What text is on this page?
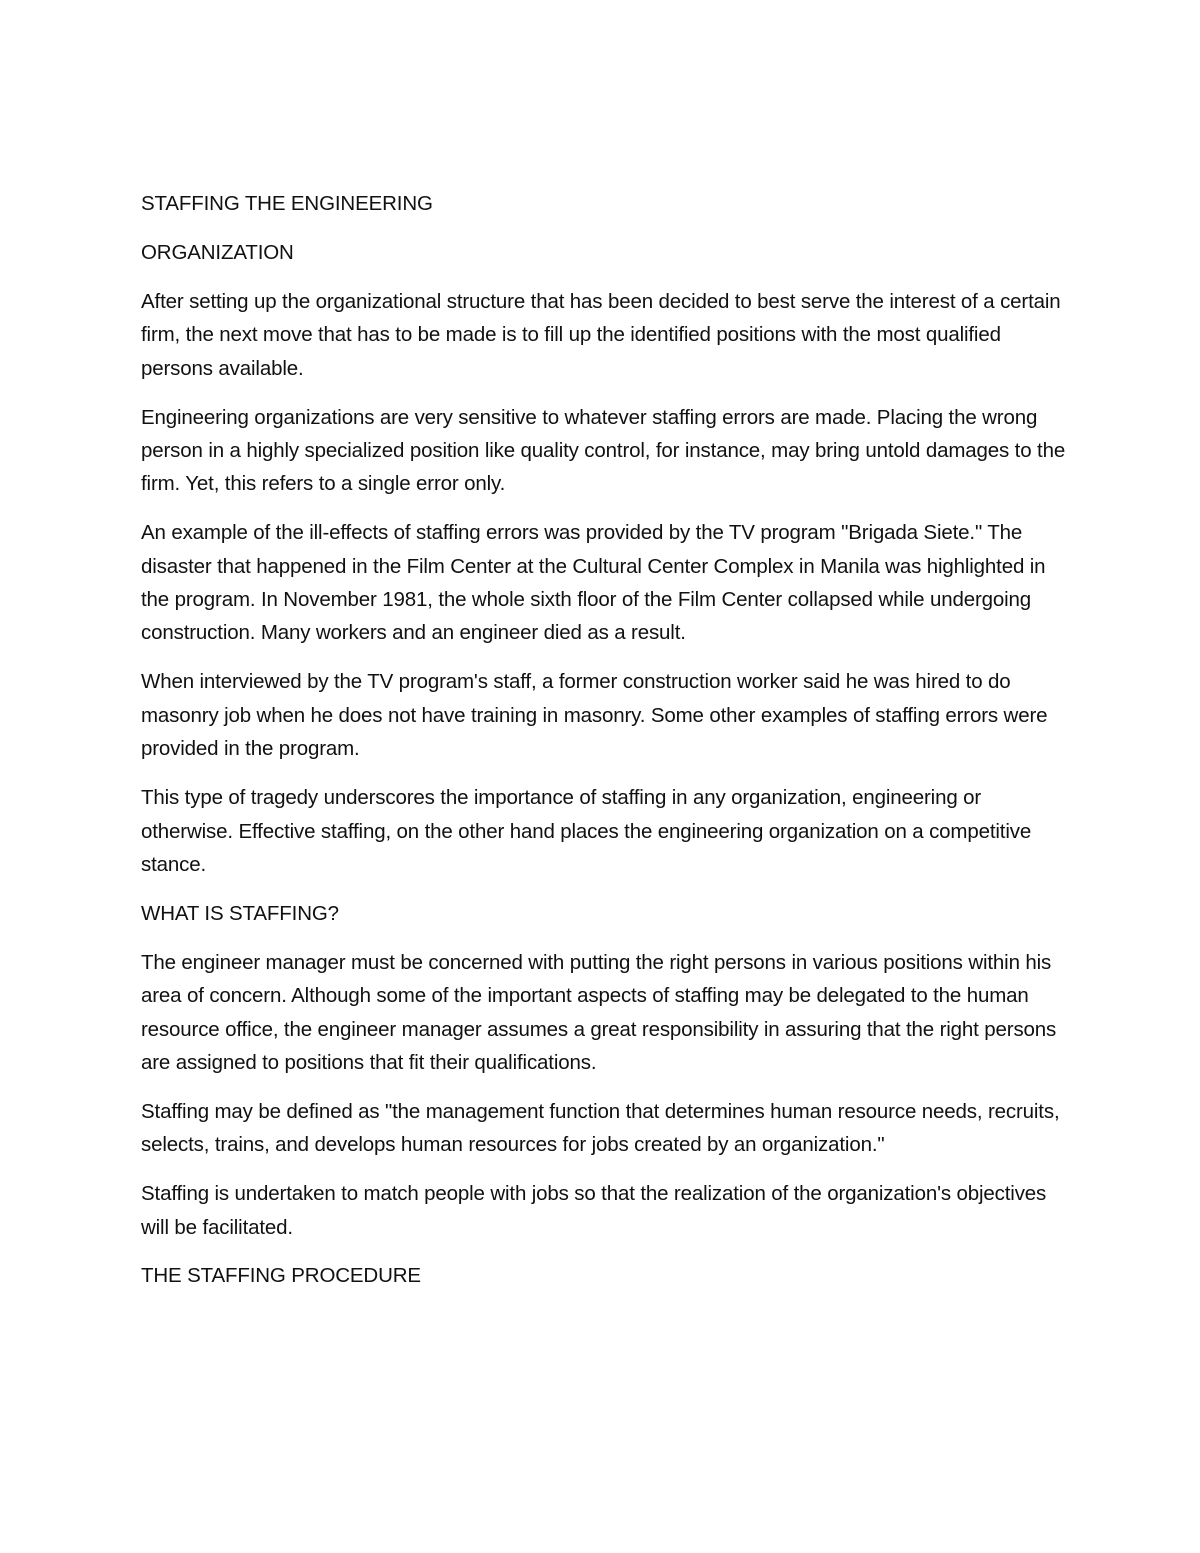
STAFFING THE ENGINEERING

ORGANIZATION

After setting up the organizational structure that has been decided to best serve the interest of a certain firm, the next move that has to be made is to fill up the identified positions with the most qualified persons available.

Engineering organizations are very sensitive to whatever staffing errors are made. Placing the wrong person in a highly specialized position like quality control, for instance, may bring untold damages to the firm. Yet, this refers to a single error only.

An example of the ill-effects of staffing errors was provided by the TV program "Brigada Siete." The disaster that happened in the Film Center at the Cultural Center Complex in Manila was highlighted in the program. In November 1981, the whole sixth floor of the Film Center collapsed while undergoing construction. Many workers and an engineer died as a result.

When interviewed by the TV program's staff, a former construction worker said he was hired to do masonry job when he does not have training in masonry. Some other examples of staffing errors were provided in the program.

This type of tragedy underscores the importance of staffing in any organization, engineering or otherwise. Effective staffing, on the other hand places the engineering organization on a competitive stance.

WHAT IS STAFFING?

The engineer manager must be concerned with putting the right persons in various positions within his area of concern. Although some of the important aspects of staffing may be delegated to the human resource office, the engineer manager assumes a great responsibility in assuring that the right persons are assigned to positions that fit their qualifications.

Staffing may be defined as "the management function that determines human resource needs, recruits, selects, trains, and develops human resources for jobs created by an organization."

Staffing is undertaken to match people with jobs so that the realization of the organization's objectives will be facilitated.

THE STAFFING PROCEDURE
